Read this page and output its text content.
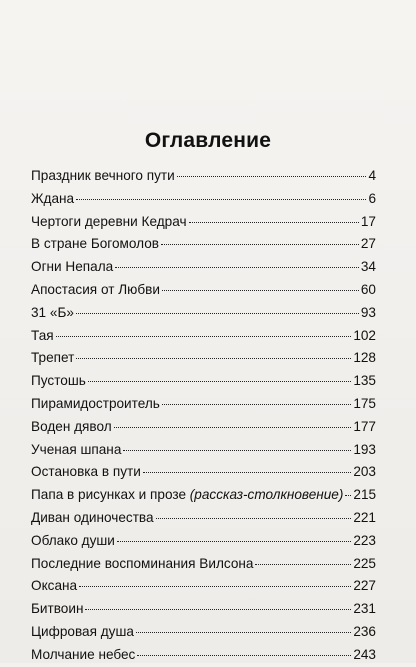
Оглавление
Праздник вечного пути	4
Ждана	6
Чертоги деревни Кедрач	17
В стране Богомолов	27
Огни Непала	34
Апостасия от Любви	60
31 «Б»	93
Тая	102
Трепет	128
Пустошь	135
Пирамидостроитель	175
Воден дявол	177
Ученая шпана	193
Остановка в пути	203
Папа в рисунках и прозе (рассказ-столкновение) 215
Диван одиночества	221
Облако души	223
Последние воспоминания Вилсона	225
Оксана	227
Битвоин	231
Цифровая душа	236
Молчание небес	243
